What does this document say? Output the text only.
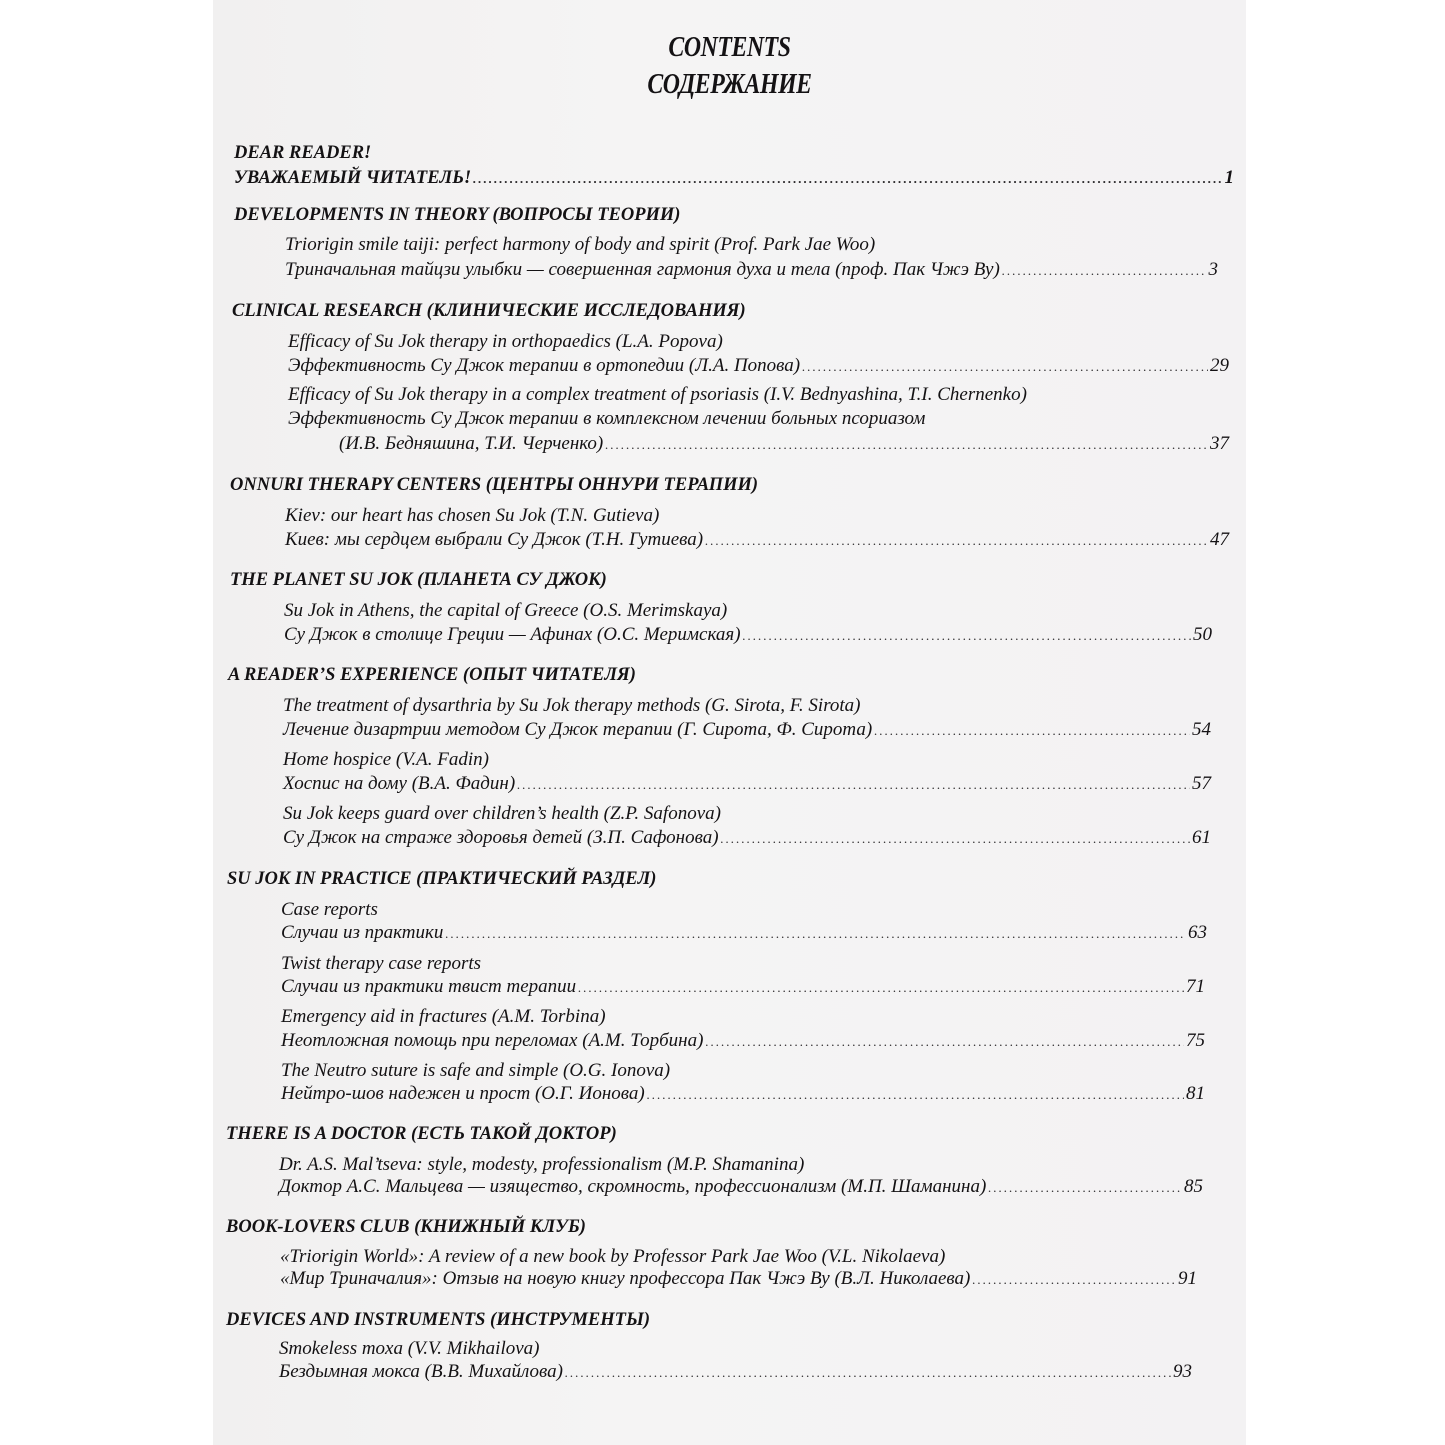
CONTENTS
СОДЕРЖАНИЕ
DEAR READER!
УВАЖАЕМЫЙ ЧИТАТЕЛЬ! .....	1
DEVELOPMENTS IN THEORY (ВОПРОСЫ ТЕОРИИ)
Triorigin smile taiji: perfect harmony of body and spirit (Prof. Park Jae Woo)
Триначальная тайцзи улыбки — совершенная гармония духа и тела (проф. Пак Чжэ Ву) .....	3
CLINICAL RESEARCH (КЛИНИЧЕСКИЕ ИССЛЕДОВАНИЯ)
Efficacy of Su Jok therapy in orthopaedics (L.A. Popova)
Эффективность Су Джок терапии в ортопедии (Л.А. Попова) .....	29
Efficacy of Su Jok therapy in a complex treatment of psoriasis (I.V. Bednyashina, T.I. Chernenko)
Эффективность Су Джок терапии в комплексном лечении больных псориазом
(И.В. Бедняшина, Т.И. Черченко) .....	37
ONNURI THERAPY CENTERS (ЦЕНТРЫ ОННУРИ ТЕРАПИИ)
Kiev: our heart has chosen Su Jok (T.N. Gutieva)
Киев: мы сердцем выбрали Су Джок (Т.Н. Гутиева) .....	47
THE PLANET SU JOK (ПЛАНЕТА СУ ДЖОК)
Su Jok in Athens, the capital of Greece (O.S. Merimskaya)
Су Джок в столице Греции — Афинах (О.С. Меримская) .....	50
A READER’S EXPERIENCE (ОПЫТ ЧИТАТЕЛЯ)
The treatment of dysarthria by Su Jok therapy methods (G. Sirota, F. Sirota)
Лечение дизартрии методом Су Джок терапии (Г. Сирота, Ф. Сирота) .....	54
Home hospice (V.A. Fadin)
Хоспис на дому (В.А. Фадин) .....	57
Su Jok keeps guard over children’s health (Z.P. Safonova)
Су Джок на страже здоровья детей (З.П. Сафонова) .....	61
SU JOK IN PRACTICE (ПРАКТИЧЕСКИЙ РАЗДЕЛ)
Case reports
Случаи из практики .....	63
Twist therapy case reports
Случаи из практики твист терапии .....	71
Emergency aid in fractures (A.M. Torbina)
Неотложная помощь при переломах (А.М. Торбина) .....	75
The Neutro suture is safe and simple (O.G. Ionova)
Нейтро-шов надежен и прост (О.Г. Ионова) .....	81
THERE IS A DOCTOR (ЕСТЬ ТАКОЙ ДОКТОР)
Dr. A.S. Mal’tseva: style, modesty, professionalism (M.P. Shamanina)
Доктор А.С. Мальцева — изящество, скромность, профессионализм (М.П. Шаманина) .....	85
BOOK-LOVERS CLUB (КНИЖНЫЙ КЛУБ)
«Triorigin World»: A review of a new book by Professor Park Jae Woo (V.L. Nikolaeva)
«Мир Триначалия»: Отзыв на новую книгу профессора Пак Чжэ Ву (В.Л. Николаева) .....	91
DEVICES AND INSTRUMENTS (ИНСТРУМЕНТЫ)
Smokeless moxa (V.V. Mikhailova)
Бездымная мокса (В.В. Михайлова) .....	93
